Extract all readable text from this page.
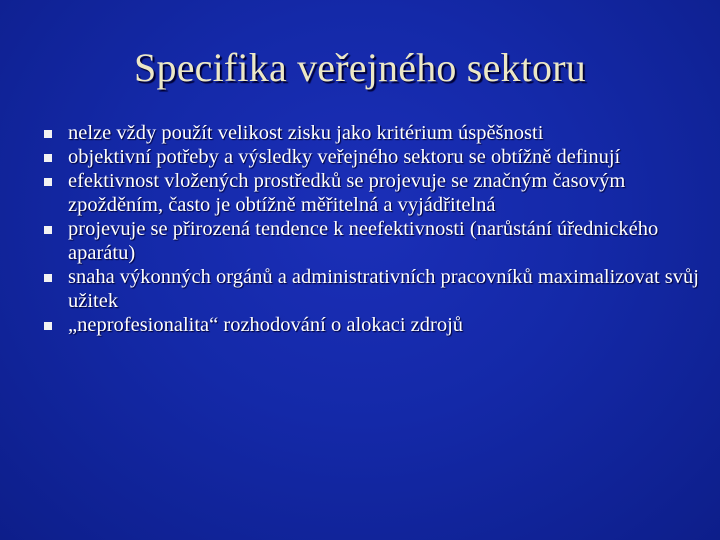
Specifika veřejného sektoru
nelze vždy použít velikost zisku jako kritérium úspěšnosti
objektivní potřeby a výsledky veřejného sektoru se obtížně definují
efektivnost vložených prostředků se projevuje se značným časovým zpožděním, často je obtížně měřitelná a vyjádřitelná
projevuje se přirozená tendence k neefektivnosti (narůstání úřednického aparátu)
snaha výkonných orgánů a administrativních pracovníků maximalizovat svůj užitek
„neprofesionalita“ rozhodování o alokaci zdrojů
